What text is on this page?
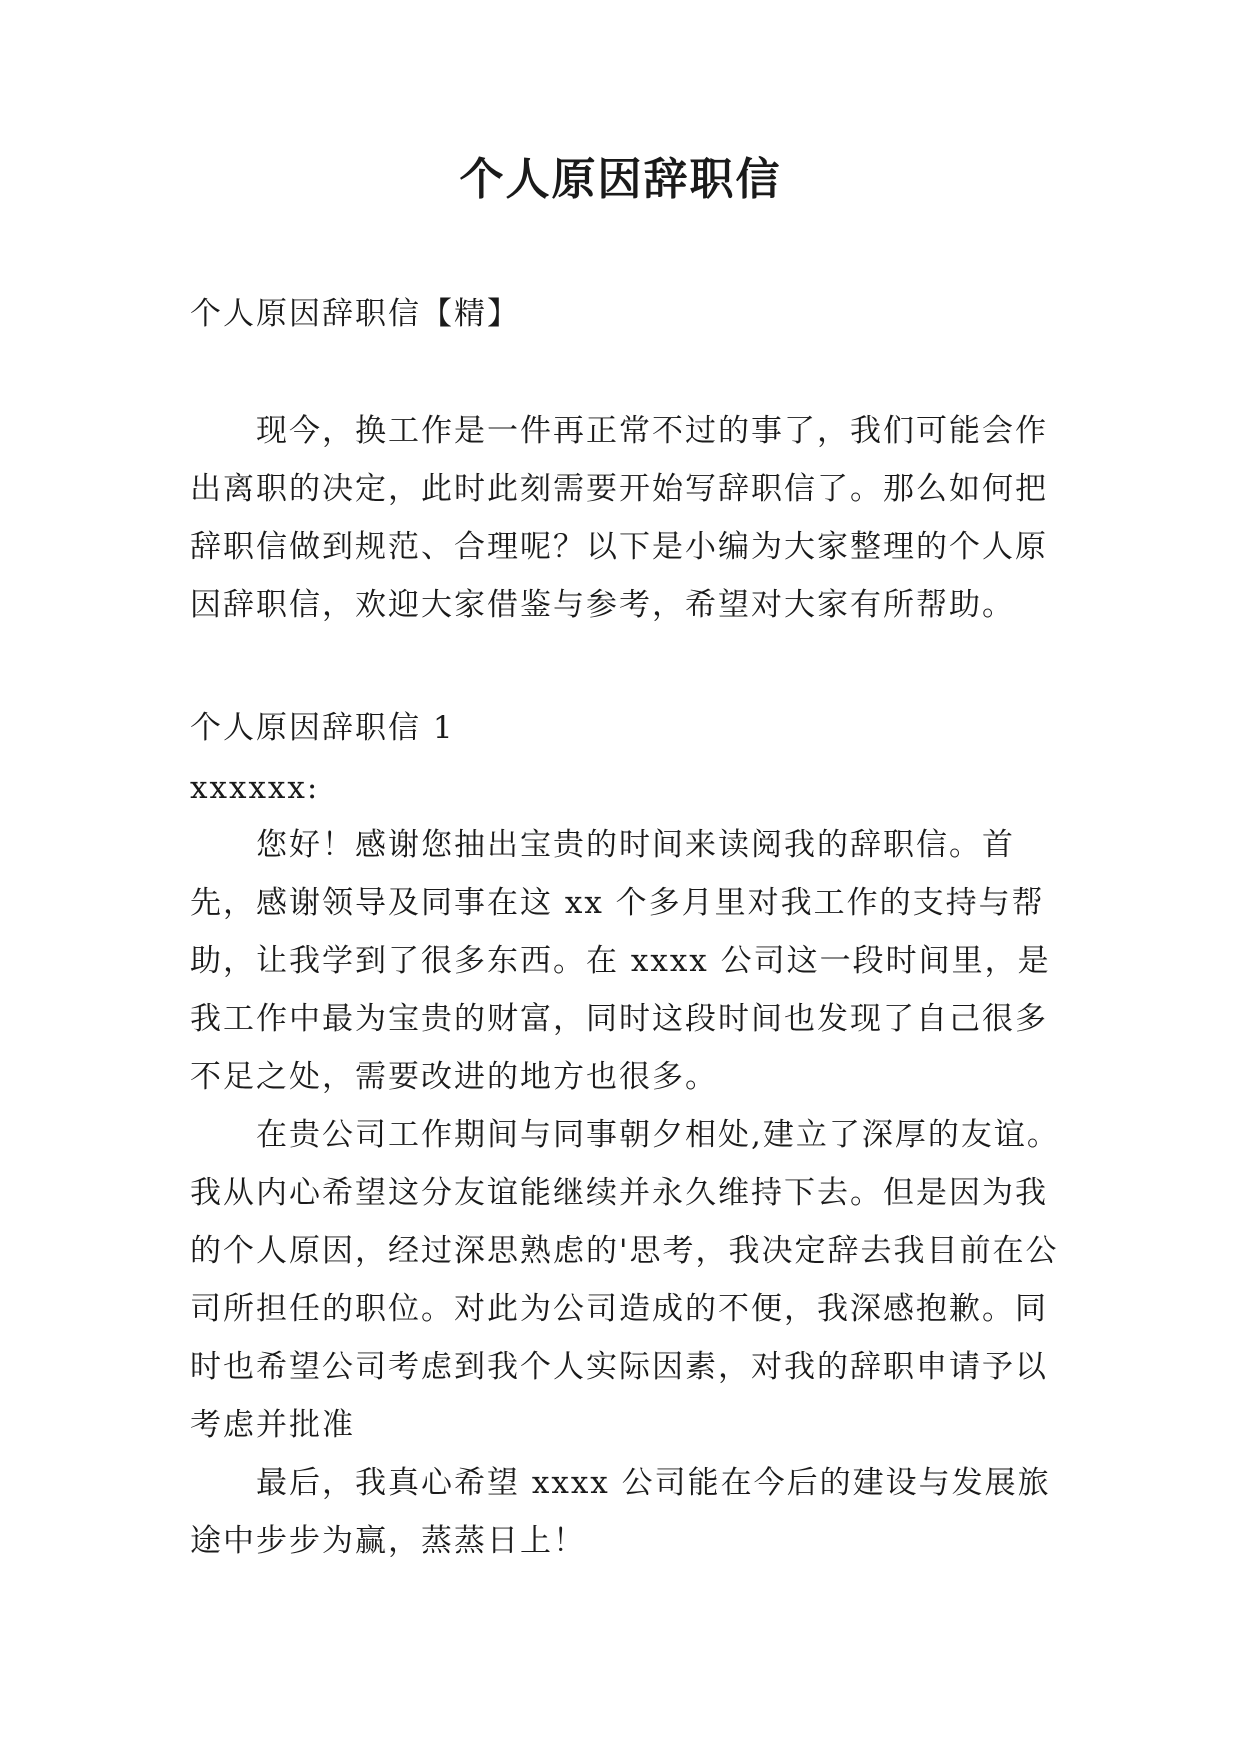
个人原因辞职信
个人原因辞职信【精】

现今，换工作是一件再正常不过的事了，我们可能会作出离职的决定，此时此刻需要开始写辞职信了。那么如何把辞职信做到规范、合理呢？以下是小编为大家整理的个人原因辞职信，欢迎大家借鉴与参考，希望对大家有所帮助。

个人原因辞职信 1
xxxxxx:

您好！感谢您抽出宝贵的时间来读阅我的辞职信。首先，感谢领导及同事在这 xx 个多月里对我工作的支持与帮助，让我学到了很多东西。在 xxxx 公司这一段时间里，是我工作中最为宝贵的财富，同时这段时间也发现了自己很多不足之处，需要改进的地方也很多。

在贵公司工作期间与同事朝夕相处,建立了深厚的友谊。我从内心希望这分友谊能继续并永久维持下去。但是因为我的个人原因，经过深思熟虑的'思考，我决定辞去我目前在公司所担任的职位。对此为公司造成的不便，我深感抱歉。同时也希望公司考虑到我个人实际因素，对我的辞职申请予以考虑并批准

最后，我真心希望 xxxx 公司能在今后的建设与发展旅途中步步为赢，蒸蒸日上！
